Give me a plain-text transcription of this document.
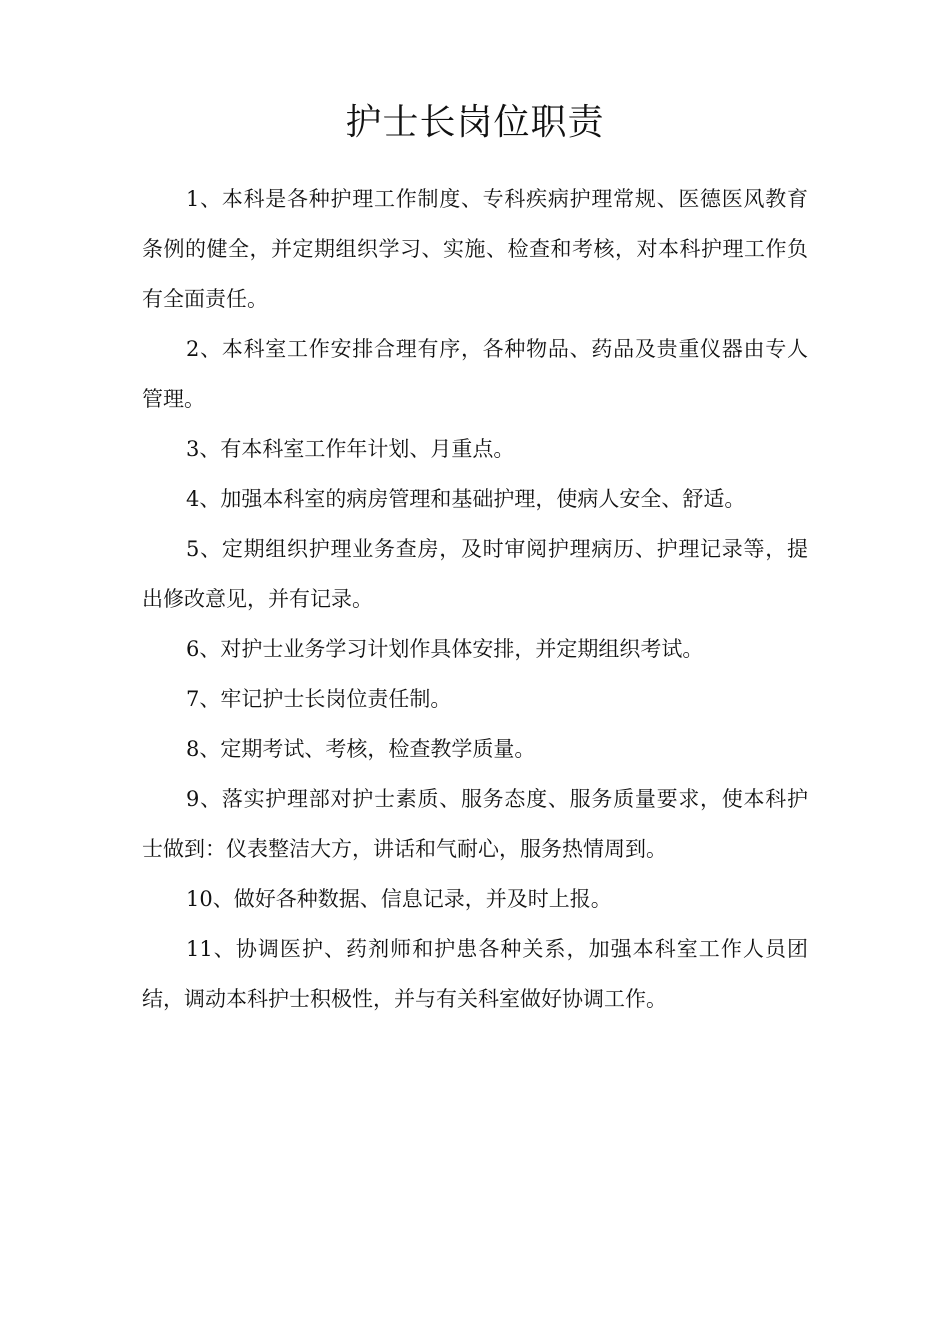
护士长岗位职责

1、本科是各种护理工作制度、专科疾病护理常规、医德医风教育条例的健全，并定期组织学习、实施、检查和考核，对本科护理工作负有全面责任。

2、本科室工作安排合理有序，各种物品、药品及贵重仪器由专人管理。

3、有本科室工作年计划、月重点。

4、加强本科室的病房管理和基础护理，使病人安全、舒适。

5、定期组织护理业务查房，及时审阅护理病历、护理记录等，提出修改意见，并有记录。

6、对护士业务学习计划作具体安排，并定期组织考试。

7、牢记护士长岗位责任制。

8、定期考试、考核，检查教学质量。

9、落实护理部对护士素质、服务态度、服务质量要求，使本科护士做到：仪表整洁大方，讲话和气耐心，服务热情周到。

10、做好各种数据、信息记录，并及时上报。

11、协调医护、药剂师和护患各种关系，加强本科室工作人员团结，调动本科护士积极性，并与有关科室做好协调工作。
